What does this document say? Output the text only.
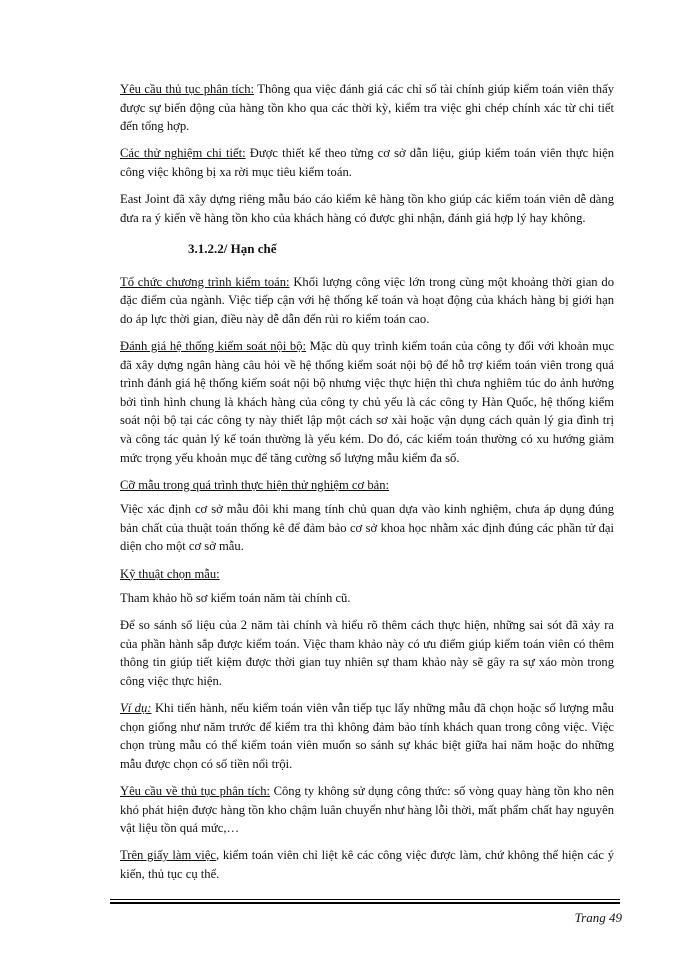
Yêu cầu thủ tục phân tích: Thông qua việc đánh giá các chỉ số tài chính giúp kiểm toán viên thấy được sự biến động của hàng tồn kho qua các thời kỳ, kiểm tra việc ghi chép chính xác từ chi tiết đến tổng hợp.

Các thử nghiệm chi tiết: Được thiết kế theo từng cơ sở dẫn liệu, giúp kiểm toán viên thực hiện công việc không bị xa rời mục tiêu kiểm toán.

East Joint đã xây dựng riêng mẫu báo cáo kiểm kê hàng tồn kho giúp các kiểm toán viên dễ dàng đưa ra ý kiến về hàng tồn kho của khách hàng có được ghi nhận, đánh giá hợp lý hay không.

3.1.2.2/ Hạn chế

Tổ chức chương trình kiểm toán: Khối lượng công việc lớn trong cùng một khoảng thời gian do đặc điểm của ngành. Việc tiếp cận với hệ thống kế toán và hoạt động của khách hàng bị giới hạn do áp lực thời gian, điều này dễ dẫn đến rủi ro kiểm toán cao.

Đánh giá hệ thống kiểm soát nội bộ: Mặc dù quy trình kiểm toán của công ty đối với khoản mục đã xây dựng ngân hàng câu hỏi về hệ thống kiểm soát nội bộ để hỗ trợ kiểm toán viên trong quá trình đánh giá hệ thống kiểm soát nội bộ nhưng việc thực hiện thì chưa nghiêm túc do ảnh hưởng bởi tình hình chung là khách hàng của công ty chủ yếu là các công ty Hàn Quốc, hệ thống kiểm soát nội bộ tại các công ty này thiết lập một cách sơ xài hoặc vận dụng cách quản lý gia đình trị và công tác quản lý kế toán thường là yếu kém. Do đó, các kiểm toán thường có xu hướng giảm mức trọng yếu khoản mục để tăng cường số lượng mẫu kiểm đa số.

Cỡ mẫu trong quá trình thực hiện thử nghiệm cơ bản:

Việc xác định cơ sở mẫu đôi khi mang tính chủ quan dựa vào kinh nghiệm, chưa áp dụng đúng bản chất của thuật toán thống kê để đảm bảo cơ sở khoa học nhằm xác định đúng các phần tử đại diện cho một cơ sở mẫu.

Kỹ thuật chọn mẫu:

Tham khảo hồ sơ kiểm toán năm tài chính cũ.

Để so sánh số liệu của 2 năm tài chính và hiểu rõ thêm cách thực hiện, những sai sót đã xảy ra của phần hành sắp được kiểm toán. Việc tham khảo này có ưu điểm giúp kiểm toán viên có thêm thông tin giúp tiết kiệm được thời gian tuy nhiên sự tham khảo này sẽ gây ra sự xáo mòn trong công việc thực hiện.

Ví dụ: Khi tiến hành, nếu kiểm toán viên vẫn tiếp tục lấy những mẫu đã chọn hoặc số lượng mẫu chọn giống như năm trước để kiểm tra thì không đảm bảo tính khách quan trong công việc. Việc chọn trùng mẫu có thể kiểm toán viên muốn so sánh sự khác biệt giữa hai năm hoặc do những mẫu được chọn có số tiền nổi trội.

Yêu cầu về thủ tục phân tích: Công ty không sử dụng công thức: số vòng quay hàng tồn kho nên khó phát hiện được hàng tồn kho chậm luân chuyển như hàng lỗi thời, mất phẩm chất hay nguyên vật liệu tồn quá mức,…

Trên giấy làm việc, kiểm toán viên chỉ liệt kê các công việc được làm, chứ không thể hiện các ý kiến, thủ tục cụ thể.

Trang 49
